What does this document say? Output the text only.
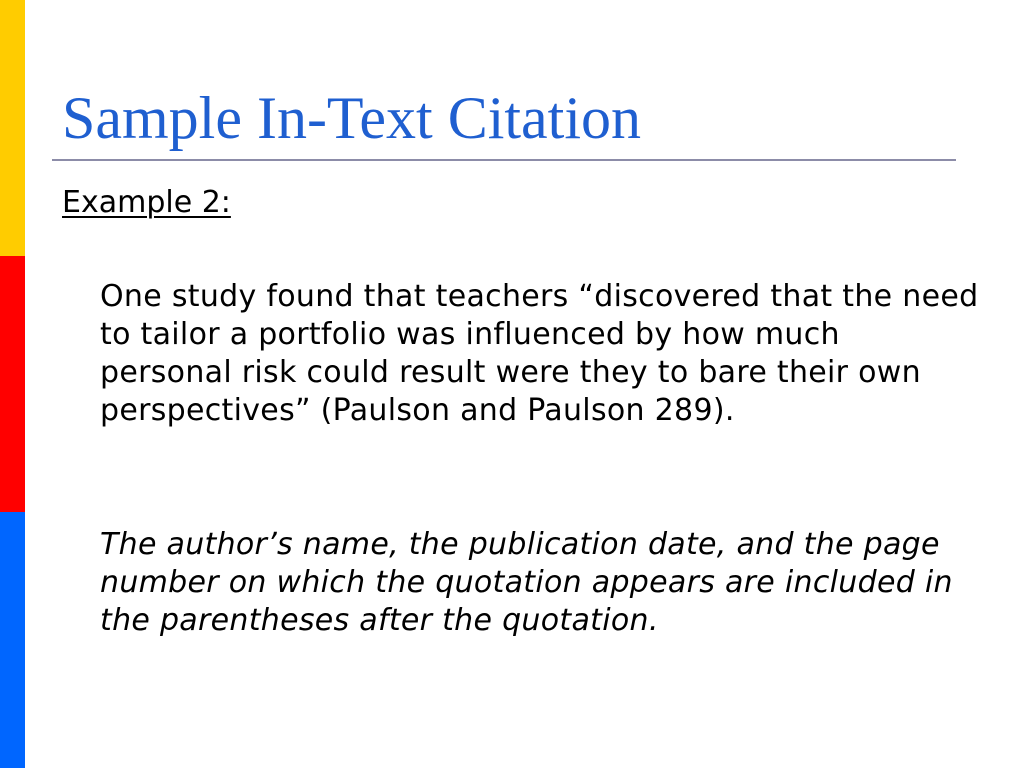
Sample In-Text Citation
Example 2:

One study found that teachers “discovered that the need to tailor a portfolio was influenced by how much personal risk could result were they to bare their own perspectives” (Paulson and Paulson 289).

The author’s name, the publication date, and the page number on which the quotation appears are included in the parentheses after the quotation.
